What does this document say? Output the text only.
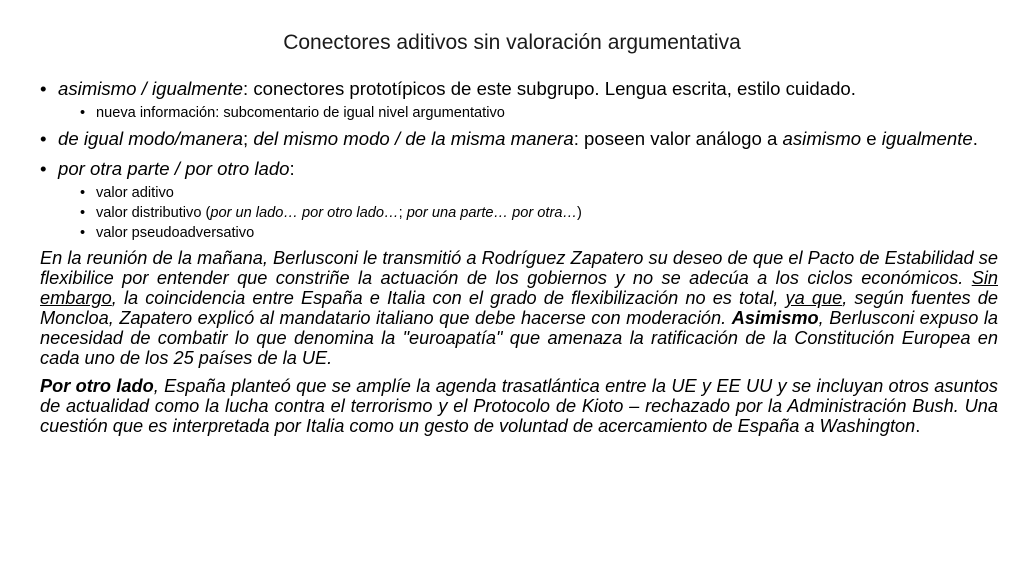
Conectores aditivos sin valoración argumentativa
• asimismo / igualmente: conectores prototípicos de este subgrupo. Lengua escrita, estilo cuidado.
• nueva información: subcomentario de igual nivel argumentativo
• de igual modo/manera; del mismo modo / de la misma manera: poseen valor análogo a asimismo e igualmente.
• por otra parte / por otro lado:
• valor aditivo
• valor distributivo (por un lado… por otro lado…; por una parte… por otra…)
• valor pseudoadversativo

En la reunión de la mañana, Berlusconi le transmitió a Rodríguez Zapatero su deseo de que el Pacto de Estabilidad se flexibilice por entender que constriñe la actuación de los gobiernos y no se adecúa a los ciclos económicos. Sin embargo, la coincidencia entre España e Italia con el grado de flexibilización no es total, ya que, según fuentes de Moncloa, Zapatero explicó al mandatario italiano que debe hacerse con moderación. Asimismo, Berlusconi expuso la necesidad de combatir lo que denomina la "euroapatía" que amenaza la ratificación de la Constitución Europea en cada uno de los 25 países de la UE.

Por otro lado, España planteó que se amplíe la agenda trasatlántica entre la UE y EE UU y se incluyan otros asuntos de actualidad como la lucha contra el terrorismo y el Protocolo de Kioto – rechazado por la Administración Bush. Una cuestión que es interpretada por Italia como un gesto de voluntad de acercamiento de España a Washington.
